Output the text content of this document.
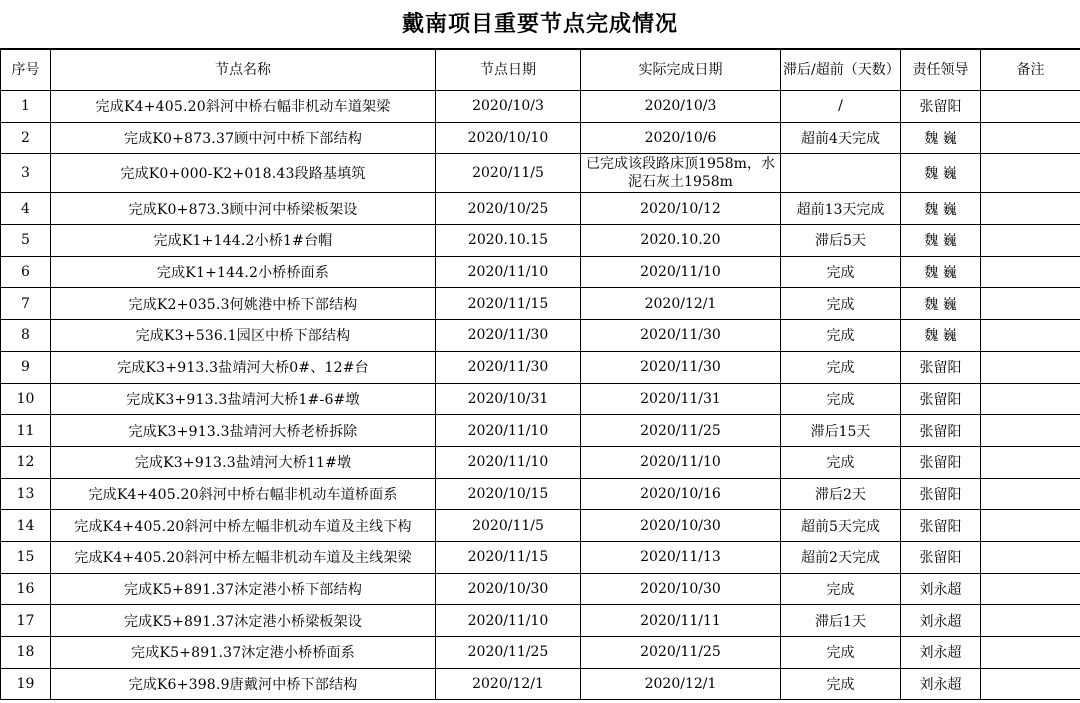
戴南项目重要节点完成情况
序号	节点名称	节点日期	实际完成日期	滞后/超前（天数）	责任领导	备注
1	完成K4+405.20斜河中桥右幅非机动车道架梁	2020/10/3	2020/10/3	/	张留阳	
2	完成K0+873.37顾中河中桥下部结构	2020/10/10	2020/10/6	超前4天完成	魏 巍	
3	完成K0+000-K2+018.43段路基填筑	2020/11/5	已完成该段路床顶1958m，水泥石灰土1958m		魏 巍	
4	完成K0+873.3顾中河中桥梁板架设	2020/10/25	2020/10/12	超前13天完成	魏 巍	
5	完成K1+144.2小桥1#台帽	2020.10.15	2020.10.20	滞后5天	魏 巍	
6	完成K1+144.2小桥桥面系	2020/11/10	2020/11/10	完成	魏 巍	
7	完成K2+035.3何姚港中桥下部结构	2020/11/15	2020/12/1	完成	魏 巍	
8	完成K3+536.1园区中桥下部结构	2020/11/30	2020/11/30	完成	魏 巍	
9	完成K3+913.3盐靖河大桥0#、12#台	2020/11/30	2020/11/30	完成	张留阳	
10	完成K3+913.3盐靖河大桥1#-6#墩	2020/10/31	2020/11/31	完成	张留阳	
11	完成K3+913.3盐靖河大桥老桥拆除	2020/11/10	2020/11/25	滞后15天	张留阳	
12	完成K3+913.3盐靖河大桥11#墩	2020/11/10	2020/11/10	完成	张留阳	
13	完成K4+405.20斜河中桥右幅非机动车道桥面系	2020/10/15	2020/10/16	滞后2天	张留阳	
14	完成K4+405.20斜河中桥左幅非机动车道及主线下构	2020/11/5	2020/10/30	超前5天完成	张留阳	
15	完成K4+405.20斜河中桥左幅非机动车道及主线架梁	2020/11/15	2020/11/13	超前2天完成	张留阳	
16	完成K5+891.37沐定港小桥下部结构	2020/10/30	2020/10/30	完成	刘永超	
17	完成K5+891.37沐定港小桥梁板架设	2020/11/10	2020/11/11	滞后1天	刘永超	
18	完成K5+891.37沐定港小桥桥面系	2020/11/25	2020/11/25	完成	刘永超	
19	完成K6+398.9唐戴河中桥下部结构	2020/12/1	2020/12/1	完成	刘永超	
